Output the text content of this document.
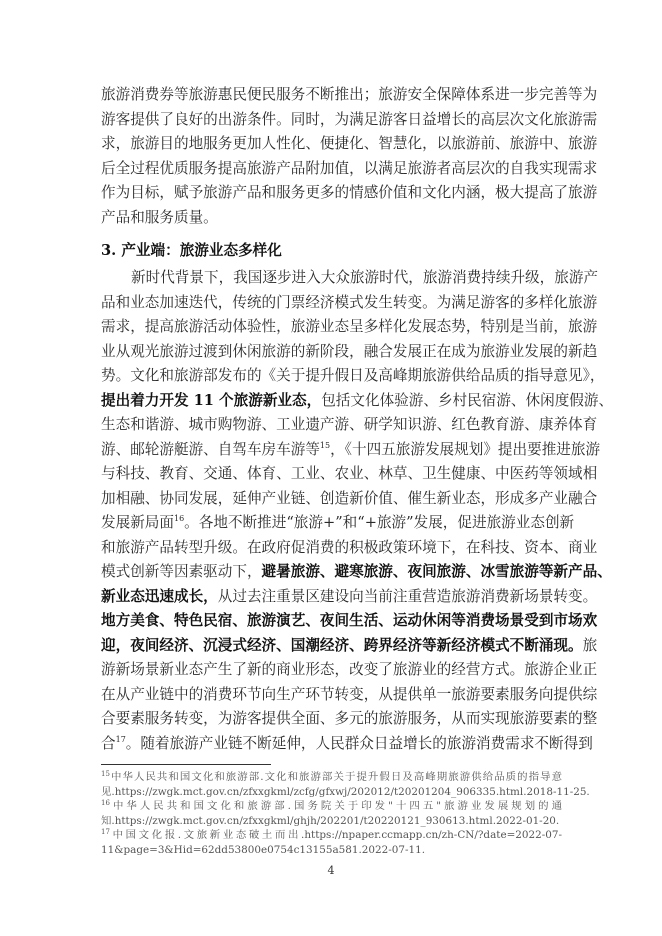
旅游消费券等旅游惠民便民服务不断推出；旅游安全保障体系进一步完善等为
游客提供了良好的出游条件。同时，为满足游客日益增长的高层次文化旅游需
求，旅游目的地服务更加人性化、便捷化、智慧化，以旅游前、旅游中、旅游
后全过程优质服务提高旅游产品附加值，以满足旅游者高层次的自我实现需求
作为目标，赋予旅游产品和服务更多的情感价值和文化内涵，极大提高了旅游
产品和服务质量。
3. 产业端：旅游业态多样化
新时代背景下，我国逐步进入大众旅游时代，旅游消费持续升级，旅游产
品和业态加速迭代，传统的门票经济模式发生转变。为满足游客的多样化旅游
需求，提高旅游活动体验性，旅游业态呈多样化发展态势，特别是当前，旅游
业从观光旅游过渡到休闲旅游的新阶段，融合发展正在成为旅游业发展的新趋
势。文化和旅游部发布的《关于提升假日及高峰期旅游供给品质的指导意见》，
提出着力开发 11 个旅游新业态，包括文化体验游、乡村民宿游、休闲度假游、
生态和谐游、城市购物游、工业遗产游、研学知识游、红色教育游、康养体育
游、邮轮游艇游、自驾车房车游等$^{15}$，《十四五旅游发展规划》提出要推进旅游
与科技、教育、交通、体育、工业、农业、林草、卫生健康、中医药等领域相
加相融、协同发展，延伸产业链、创造新价值、催生新业态，形成多产业融合
发展新局面$^{16}$。各地不断推进“旅游+”和“+旅游”发展，促进旅游业态创新
和旅游产品转型升级。在政府促消费的积极政策环境下，在科技、资本、商业
模式创新等因素驱动下，避暑旅游、避寒旅游、夜间旅游、冰雪旅游等新产品、
新业态迅速成长，从过去注重景区建设向当前注重营造旅游消费新场景转变。
地方美食、特色民宿、旅游演艺、夜间生活、运动休闲等消费场景受到市场欢
迎，夜间经济、沉浸式经济、国潮经济、跨界经济等新经济模式不断涌现。旅
游新场景新业态产生了新的商业形态，改变了旅游业的经营方式。旅游企业正
在从产业链中的消费环节向生产环节转变，从提供单一旅游要素服务向提供综
合要素服务转变，为游客提供全面、多元的旅游服务，从而实现旅游要素的整
合$^{17}$。随着旅游产业链不断延伸，人民群众日益增长的旅游消费需求不断得到
$^{15}$中华人民共和国文化和旅游部.文化和旅游部关于提升假日及高峰期旅游供给品质的指导意
见.https://zwgk.mct.gov.cn/zfxxgkml/zcfg/gfxwj/202012/t20201204_906335.html.2018-11-25.
$^{16}$中华人民共和国文化和旅游部.国务院关于印发"十四五"旅游业发展规划的通
知.https://zwgk.mct.gov.cn/zfxxgkml/ghjh/202201/t20220121_930613.html.2022-01-20.
$^{17}$中国文化报.文旅新业态破土而出.https://npaper.ccmapp.cn/zh-CN/?date=2022-07-
11&page=3&Hid=62dd53800e0754c13155a581.2022-07-11.
4
